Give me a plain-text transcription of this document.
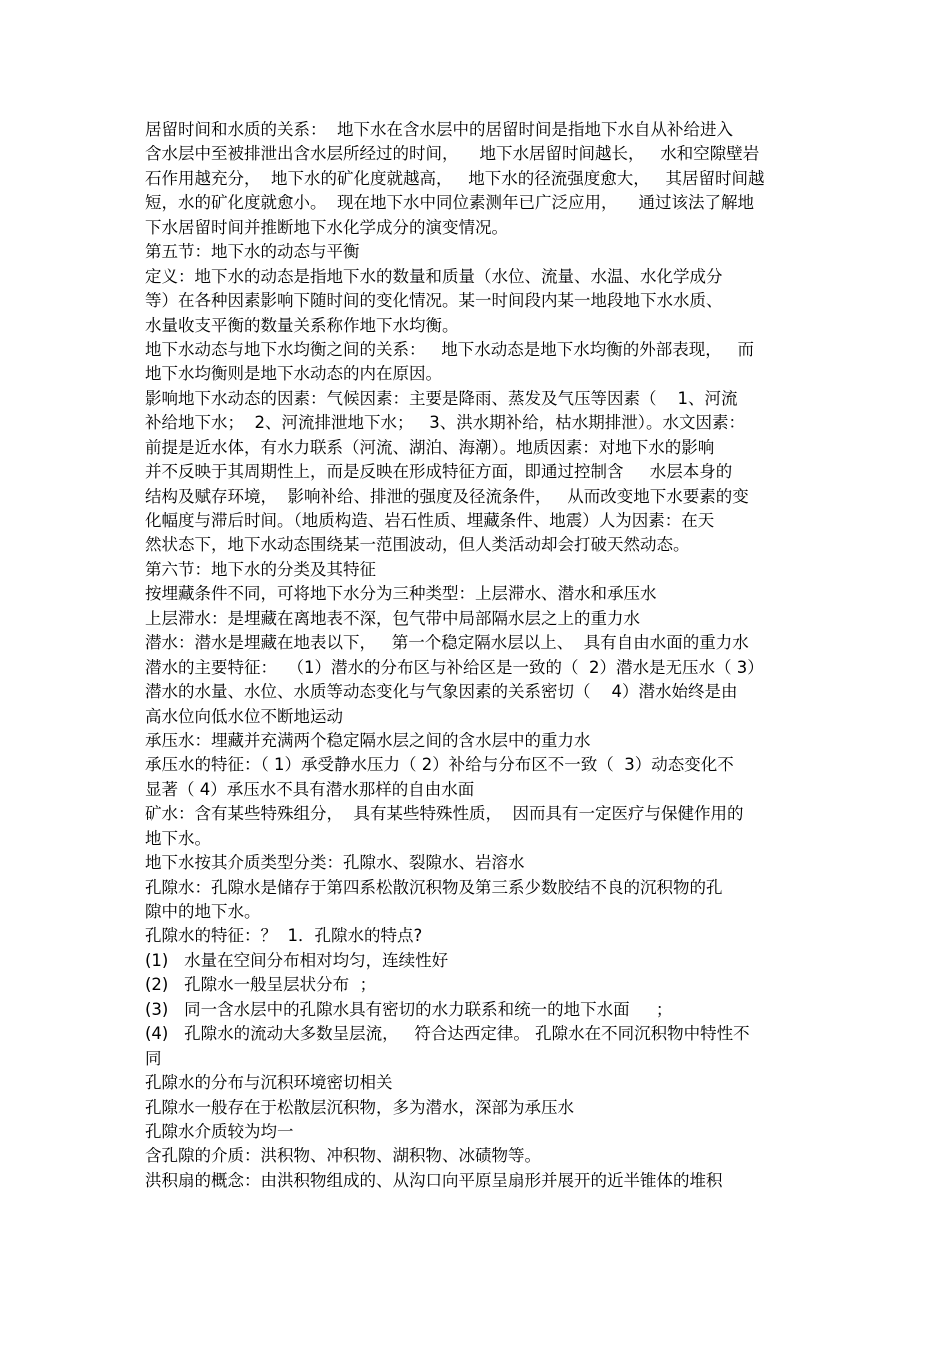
居留时间和水质的关系：  地下水在含水层中的居留时间是指地下水自从补给进入
含水层中至被排泄出含水层所经过的时间，    地下水居留时间越长，   水和空隙壁岩
石作用越充分，  地下水的矿化度就越高，   地下水的径流强度愈大，   其居留时间越
短，水的矿化度就愈小。  现在地下水中同位素测年已广泛应用，    通过该法了解地
下水居留时间并推断地下水化学成分的演变情况。
第五节：地下水的动态与平衡
定义：地下水的动态是指地下水的数量和质量（水位、流量、水温、水化学成分
等）在各种因素影响下随时间的变化情况。某一时间段内某一地段地下水水质、
水量收支平衡的数量关系称作地下水均衡。
地下水动态与地下水均衡之间的关系：   地下水动态是地下水均衡的外部表现，   而
地下水均衡则是地下水动态的内在原因。
影响地下水动态的因素：气候因素：主要是降雨、蒸发及气压等因素（    1、河流
补给地下水；  2、河流排泄地下水；   3、洪水期补给，枯水期排泄）。水文因素：
前提是近水体，有水力联系（河流、湖泊、海潮）。地质因素：对地下水的影响
并不反映于其周期性上，而是反映在形成特征方面，即通过控制含     水层本身的
结构及赋存环境，  影响补给、排泄的强度及径流条件，   从而改变地下水要素的变
化幅度与滞后时间。（地质构造、岩石性质、埋藏条件、地震）人为因素：在天
然状态下，地下水动态围绕某一范围波动，但人类活动却会打破天然动态。
第六节：地下水的分类及其特征
按埋藏条件不同，可将地下水分为三种类型：上层滞水、潜水和承压水
上层滞水：是埋藏在离地表不深，包气带中局部隔水层之上的重力水
潜水：潜水是埋藏在地表以下，   第一个稳定隔水层以上、  具有自由水面的重力水
潜水的主要特征：  （1）潜水的分布区与补给区是一致的（  2）潜水是无压水（ 3）
潜水的水量、水位、水质等动态变化与气象因素的关系密切（    4）潜水始终是由
高水位向低水位不断地运动
承压水：埋藏并充满两个稳定隔水层之间的含水层中的重力水
承压水的特征：（ 1）承受静水压力（ 2）补给与分布区不一致（  3）动态变化不
显著（ 4）承压水不具有潜水那样的自由水面
矿水：含有某些特殊组分，  具有某些特殊性质，  因而具有一定医疗与保健作用的
地下水。
地下水按其介质类型分类：孔隙水、裂隙水、岩溶水
孔隙水：孔隙水是储存于第四系松散沉积物及第三系少数胶结不良的沉积物的孔
隙中的地下水。
孔隙水的特征：？  1．孔隙水的特点?
(1)   水量在空间分布相对均匀，连续性好
(2)   孔隙水一般呈层状分布  ；
(3)   同一含水层中的孔隙水具有密切的水力联系和统一的地下水面     ；
(4)   孔隙水的流动大多数呈层流，   符合达西定律。 孔隙水在不同沉积物中特性不
同
孔隙水的分布与沉积环境密切相关
孔隙水一般存在于松散层沉积物，多为潜水，深部为承压水
孔隙水介质较为均一
含孔隙的介质：洪积物、冲积物、湖积物、冰碛物等。
洪积扇的概念：由洪积物组成的、从沟口向平原呈扇形并展开的近半锥体的堆积
